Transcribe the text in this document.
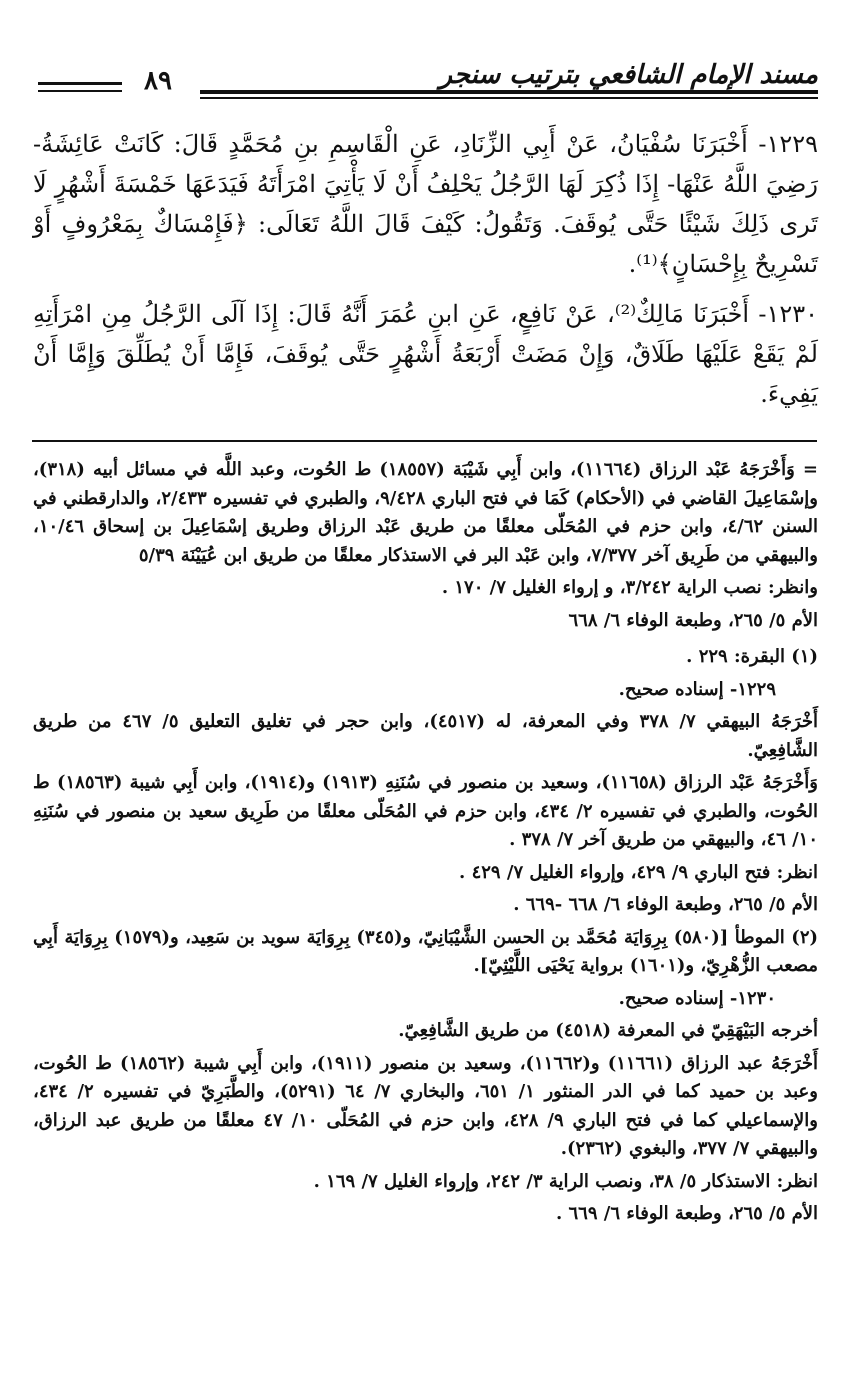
مسند الإمام الشافعي بترتيب سنجر
٨٩

١٢٢٩- أَخْبَرَنَا سُفْيَانُ، عَنْ أَبِي الزِّنَادِ، عَنِ الْقَاسِمِ بنِ مُحَمَّدٍ قَالَ: كَانَتْ عَائِشَةُ- رَضِيَ اللَّهُ عَنْهَا- إِذَا ذُكِرَ لَهَا الرَّجُلُ يَحْلِفُ أَنْ لَا يَأْتِيَ امْرَأَتَهُ فَيَدَعَهَا خَمْسَةَ أَشْهُرٍ لَا تَرى ذَلِكَ شَيْئًا حَتَّى يُوقَفَ. وَتَقُولُ: كَيْفَ قَالَ اللَّهُ تَعَالَى: ﴿فَإِمْسَاكٌ بِمَعْرُوفٍ أَوْ تَسْرِيحٌ بِإِحْسَانٍ﴾⁽¹⁾.

١٢٣٠- أَخْبَرَنَا مَالِكٌ⁽²⁾، عَنْ نَافِعٍ، عَنِ ابنِ عُمَرَ أَنَّهُ قَالَ: إِذَا آلَى الرَّجُلُ مِنِ امْرَأَتِهِ لَمْ يَقَعْ عَلَيْهَا طَلَاقٌ، وَإِنْ مَضَتْ أَرْبَعَةُ أَشْهُرٍ حَتَّى يُوقَفَ، فَإِمَّا أَنْ يُطَلِّقَ وَإِمَّا أَنْ يَفِيءَ.

= وَأَخْرَجَهُ عَبْد الرزاق (١١٦٦٤)، وابن أَبِي شَيْبَة (١٨٥٥٧) ط الحُوت، وعبد اللَّه في مسائل أبيه (٣١٨)، وإسْمَاعِيلَ القاضي في (الأحكام) كَمَا في فتح الباري ٩/٤٢٨، والطبري في تفسيره ٢/٤٣٣، والدارقطني في السنن ٤/٦٢، وابن حزم في المُحَلّى معلقًا من طريق عَبْد الرزاق وطريق إسْمَاعِيلَ بن إسحاق ١٠/٤٦، والبيهقي من طَرِيق آخر ٧/٣٧٧، وابن عَبْد البر في الاستذكار معلقًا من طريق ابن عُيَيْنَة ٥/٣٩

وانظر: نصب الراية ٣/٢٤٢، و إرواء الغليل ٧/ ١٧٠ .

الأم ٥/ ٢٦٥، وطبعة الوفاء ٦/ ٦٦٨

(١) البقرة: ٢٢٩ .

١٢٢٩- إسناده صحيح.

أَخْرَجَهُ البيهقي ٧/ ٣٧٨ وفي المعرفة، له (٤٥١٧)، وابن حجر في تغليق التعليق ٥/ ٤٦٧ من طريق الشَّافِعِيّ.

وَأَخْرَجَهُ عَبْد الرزاق (١١٦٥٨)، وسعيد بن منصور في سُنَنِهِ (١٩١٣) و(١٩١٤)، وابن أَبِي شيبة (١٨٥٦٣) ط الحُوت، والطبري في تفسيره ٢/ ٤٣٤، وابن حزم في المُحَلّى معلقًا من طَرِيق سعيد بن منصور في سُنَنِهِ ١٠/ ٤٦، والبيهقي من طريق آخر ٧/ ٣٧٨ .

انظر: فتح الباري ٩/ ٤٢٩، وإرواء الغليل ٧/ ٤٢٩ .

الأم ٥/ ٢٦٥، وطبعة الوفاء ٦/ ٦٦٨ -٦٦٩ .

(٢) الموطأ [(٥٨٠) بِرِوَايَة مُحَمَّد بن الحسن الشَّيْبَانِيّ، و(٣٤٥) بِرِوَايَة سويد بن سَعِيد، و(١٥٧٩) بِرِوَايَة أَبِي مصعب الزُّهْرِيّ، و(١٦٠١) برواية يَحْيَى اللَّيْثِيّ].

١٢٣٠- إسناده صحيح.

أخرجه البَيْهَقِيّ في المعرفة (٤٥١٨) من طريق الشَّافِعِيّ.

أَخْرَجَهُ عبد الرزاق (١١٦٦١) و(١١٦٦٢)، وسعيد بن منصور (١٩١١)، وابن أَبِي شيبة (١٨٥٦٢) ط الحُوت، وعبد بن حميد كما في الدر المنثور ١/ ٦٥١، والبخاري ٧/ ٦٤ (٥٢٩١)، والطَّبَرِيّ في تفسيره ٢/ ٤٣٤، والإسماعيلي كما في فتح الباري ٩/ ٤٢٨، وابن حزم في المُحَلّى ١٠/ ٤٧ معلقًا من طريق عبد الرزاق، والبيهقي ٧/ ٣٧٧، والبغوي (٢٣٦٢).

انظر: الاستذكار ٥/ ٣٨، ونصب الراية ٣/ ٢٤٢، وإرواء الغليل ٧/ ١٦٩ .

الأم ٥/ ٢٦٥، وطبعة الوفاء ٦/ ٦٦٩ .
